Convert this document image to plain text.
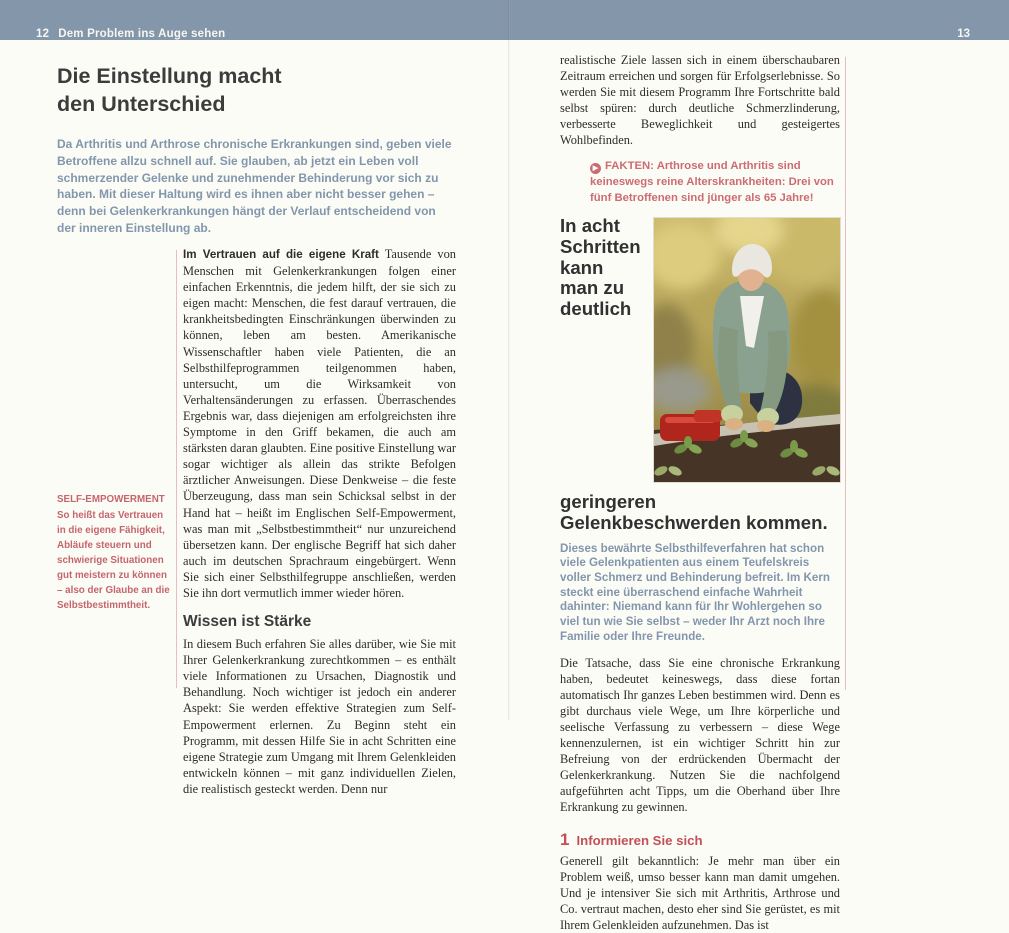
12 Dem Problem ins Auge sehen	13
Die Einstellung macht
den Unterschied

Da Arthritis und Arthrose chronische Erkrankungen sind, geben viele Betroffene allzu schnell auf. Sie glauben, ab jetzt ein Leben voll schmerzender Gelenke und zunehmender Behinderung vor sich zu haben. Mit dieser Haltung wird es ihnen aber nicht besser gehen – denn bei Gelenkerkrankungen hängt der Verlauf entscheidend von der inneren Einstellung ab.

SELF-EMPOWERMENT
So heißt das Vertrauen in die eigene Fähigkeit, Abläufe steuern und schwierige Situationen gut meistern zu können – also der Glaube an die Selbstbestimmtheit.

Im Vertrauen auf die eigene Kraft Tausende von Menschen mit Gelenkerkrankungen folgen einer einfachen Erkenntnis, die jedem hilft, der sie sich zu eigen macht: Menschen, die fest darauf vertrauen, die krankheitsbedingten Einschränkungen überwinden zu können, leben am besten. Amerikanische Wissenschaftler haben viele Patienten, die an Selbsthilfeprogrammen teilgenommen haben, untersucht, um die Wirksamkeit von Verhaltensänderungen zu erfassen. Überraschendes Ergebnis war, dass diejenigen am erfolgreichsten ihre Symptome in den Griff bekamen, die auch am stärksten daran glaubten. Eine positive Einstellung war sogar wichtiger als allein das strikte Befolgen ärztlicher Anweisungen. Diese Denkweise – die feste Überzeugung, dass man sein Schicksal selbst in der Hand hat – heißt im Englischen Self-Empowerment, was man mit „Selbstbestimmtheit“ nur unzureichend übersetzen kann. Der englische Begriff hat sich daher auch im deutschen Sprachraum eingebürgert. Wenn Sie sich einer Selbsthilfegruppe anschließen, werden Sie ihn dort vermutlich immer wieder hören.

Wissen ist Stärke

In diesem Buch erfahren Sie alles darüber, wie Sie mit Ihrer Gelenkerkrankung zurechtkommen – es enthält viele Informationen zu Ursachen, Diagnostik und Behandlung. Noch wichtiger ist jedoch ein anderer Aspekt: Sie werden effektive Strategien zum Self-Empowerment erlernen. Zu Beginn steht ein Programm, mit dessen Hilfe Sie in acht Schritten eine eigene Strategie zum Umgang mit Ihrem Gelenkleiden entwickeln können – mit ganz individuellen Zielen, die realistisch gesteckt werden. Denn nur

realistische Ziele lassen sich in einem überschaubaren Zeitraum erreichen und sorgen für Erfolgserlebnisse. So werden Sie mit diesem Programm Ihre Fortschritte bald selbst spüren: durch deutliche Schmerzlinderung, verbesserte Beweglichkeit und gesteigertes Wohlbefinden.

▶ FAKTEN: Arthrose und Arthritis sind keineswegs reine Alterskrankheiten: Drei von fünf Betroffenen sind jünger als 65 Jahre!
In acht Schritten kann man zu deutlich geringeren Gelenkbeschwerden kommen.

Dieses bewährte Selbsthilfeverfahren hat schon viele Gelenkpatienten aus einem Teufelskreis voller Schmerz und Behinderung befreit. Im Kern steckt eine überraschend einfache Wahrheit dahinter: Niemand kann für Ihr Wohlergehen so viel tun wie Sie selbst – weder Ihr Arzt noch Ihre Familie oder Ihre Freunde.

Die Tatsache, dass Sie eine chronische Erkrankung haben, bedeutet keineswegs, dass diese fortan automatisch Ihr ganzes Leben bestimmen wird. Denn es gibt durchaus viele Wege, um Ihre körperliche und seelische Verfassung zu verbessern – diese Wege kennenzulernen, ist ein wichtiger Schritt hin zur Befreiung von der erdrückenden Übermacht der Gelenkerkrankung. Nutzen Sie die nachfolgend aufgeführten acht Tipps, um die Oberhand über Ihre Erkrankung zu gewinnen.

1 Informieren Sie sich

Generell gilt bekanntlich: Je mehr man über ein Problem weiß, umso besser kann man damit umgehen. Und je intensiver Sie sich mit Arthritis, Arthrose und Co. vertraut machen, desto eher sind Sie gerüstet, es mit Ihrem Gelenkleiden aufzunehmen. Das ist
